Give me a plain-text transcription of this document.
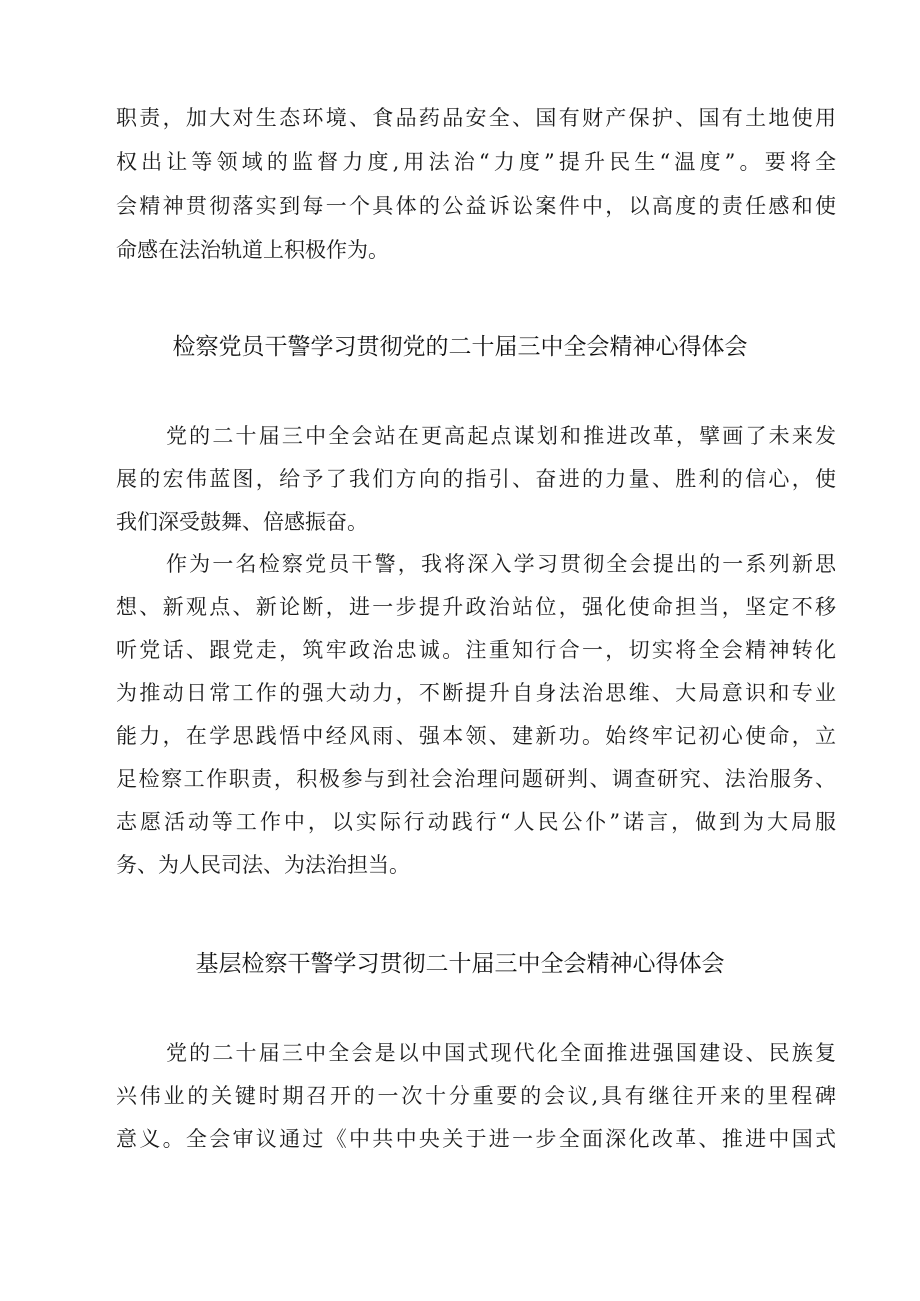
职责，加大对生态环境、食品药品安全、国有财产保护、国有土地使用
权出让等领域的监督力度,用法治“力度”提升民生“温度”。要将全
会精神贯彻落实到每一个具体的公益诉讼案件中，以高度的责任感和使
命感在法治轨道上积极作为。
检察党员干警学习贯彻党的二十届三中全会精神心得体会
党的二十届三中全会站在更高起点谋划和推进改革，擘画了未来发
展的宏伟蓝图，给予了我们方向的指引、奋进的力量、胜利的信心，使
我们深受鼓舞、倍感振奋。
作为一名检察党员干警，我将深入学习贯彻全会提出的一系列新思
想、新观点、新论断，进一步提升政治站位，强化使命担当，坚定不移
听党话、跟党走，筑牢政治忠诚。注重知行合一，切实将全会精神转化
为推动日常工作的强大动力，不断提升自身法治思维、大局意识和专业
能力，在学思践悟中经风雨、强本领、建新功。始终牢记初心使命，立
足检察工作职责，积极参与到社会治理问题研判、调查研究、法治服务、
志愿活动等工作中，以实际行动践行“人民公仆”诺言，做到为大局服
务、为人民司法、为法治担当。
基层检察干警学习贯彻二十届三中全会精神心得体会
党的二十届三中全会是以中国式现代化全面推进强国建设、民族复
兴伟业的关键时期召开的一次十分重要的会议,具有继往开来的里程碑
意义。全会审议通过《中共中央关于进一步全面深化改革、推进中国式
